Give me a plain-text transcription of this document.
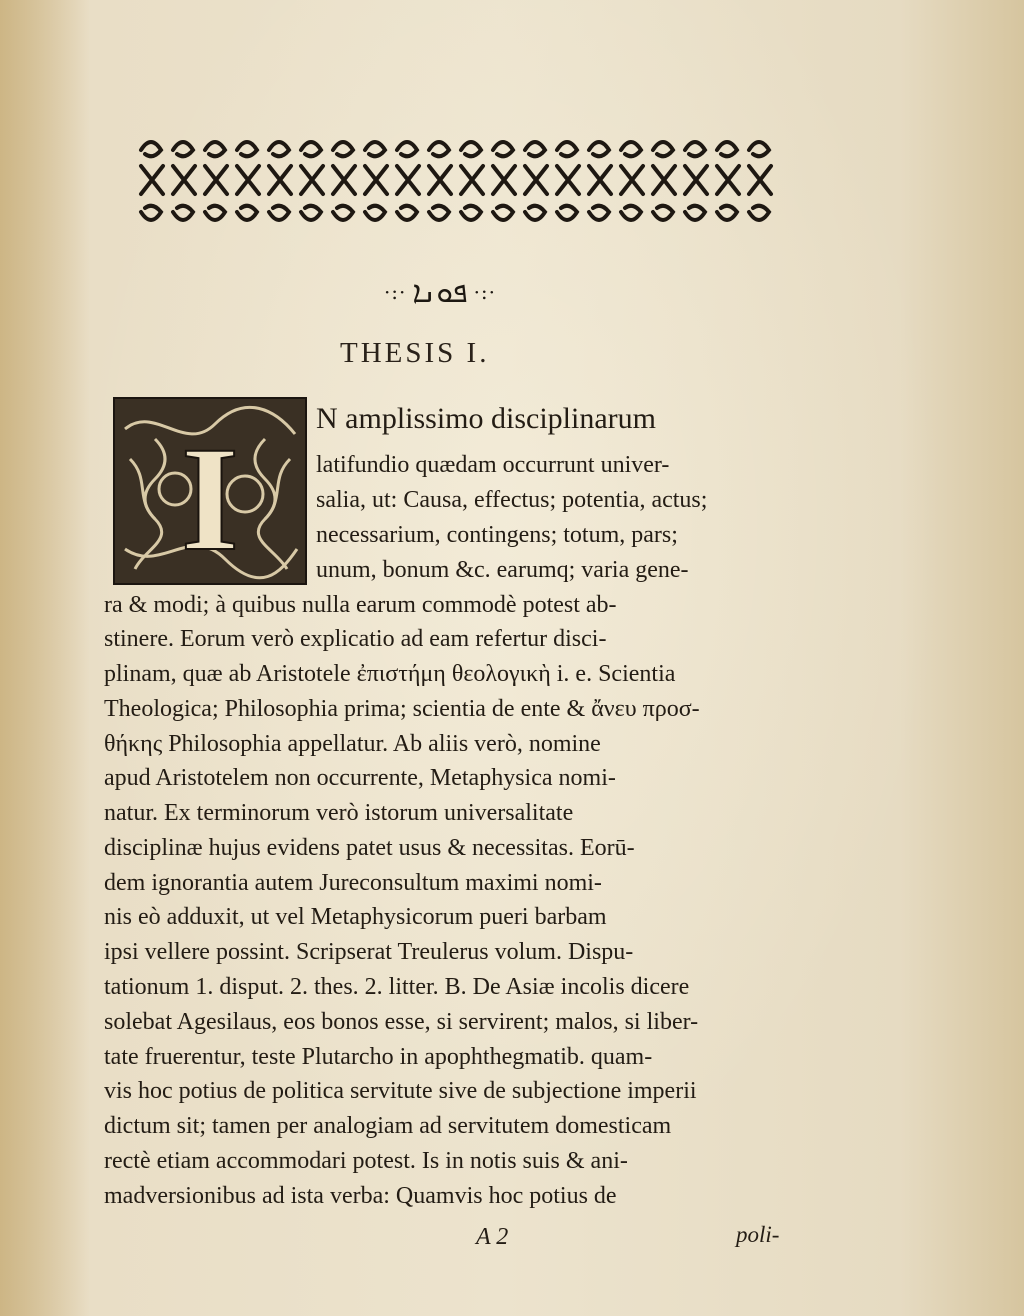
·:· ܦܘܢܐ ·:·
THESIS I.
I	N amplissimo disciplinarum

latifundio quædam occurrunt univer-

salia, ut: Causa, effectus; potentia, actus;

necessarium, contingens; totum, pars;

unum, bonum &c. earumq; varia gene-

ra & modi; à quibus nulla earum commodè potest ab-

stinere. Eorum verò explicatio ad eam refertur disci-

plinam, quæ ab Aristotele ἐπιστήμη θεολογικὴ i. e. Scientia

Theologica; Philosophia prima; scientia de ente & ἄνευ προσ-

θήκης Philosophia appellatur. Ab aliis verò, nomine

apud Aristotelem non occurrente, Metaphysica nomi-

natur. Ex terminorum verò istorum universalitate

disciplinæ hujus evidens patet usus & necessitas. Eorū-

dem ignorantia autem Jureconsultum maximi nomi-

nis eò adduxit, ut vel Metaphysicorum pueri barbam

ipsi vellere possint. Scripserat Treulerus volum. Dispu-

tationum 1. disput. 2. thes. 2. litter. B. De Asiæ incolis dicere

solebat Agesilaus, eos bonos esse, si servirent; malos, si liber-

tate fruerentur, teste Plutarcho in apophthegmatib. quam-

vis hoc potius de politica servitute sive de subjectione imperii

dictum sit; tamen per analogiam ad servitutem domesticam

rectè etiam accommodari potest. Is in notis suis & ani-

madversionibus ad ista verba: Quamvis hoc potius de

A 2	poli-
